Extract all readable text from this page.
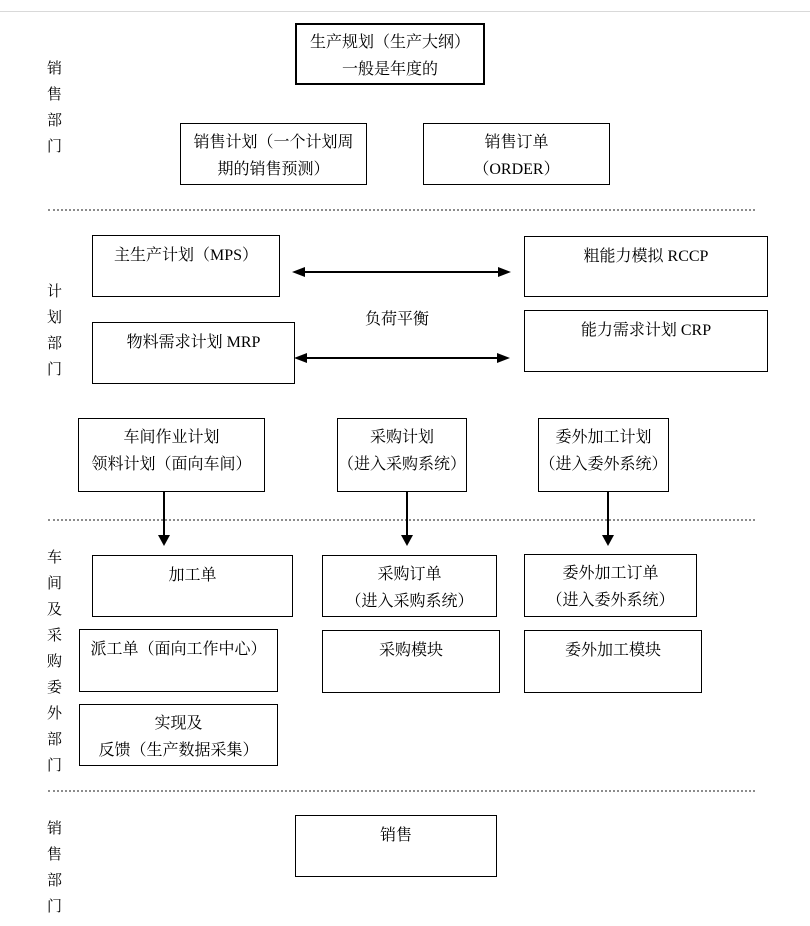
销售部门
计划部门
车间及采购委外部门
销售部门
生产规划（生产大纲）
一般是年度的
销售计划（一个计划周
期的销售预测）
销售订单
（ORDER）
主生产计划（MPS）	粗能力模拟 RCCP
物料需求计划 MRP
能力需求计划 CRP
负荷平衡
车间作业计划
领料计划（面向车间）
采购计划
（进入采购系统）
委外加工计划
（进入委外系统）
加工单	采购订单
（进入采购系统）
委外加工订单
（进入委外系统）
派工单（面向工作中心）	采购模块	委外加工模块
实现及
反馈（生产数据采集）
销售
